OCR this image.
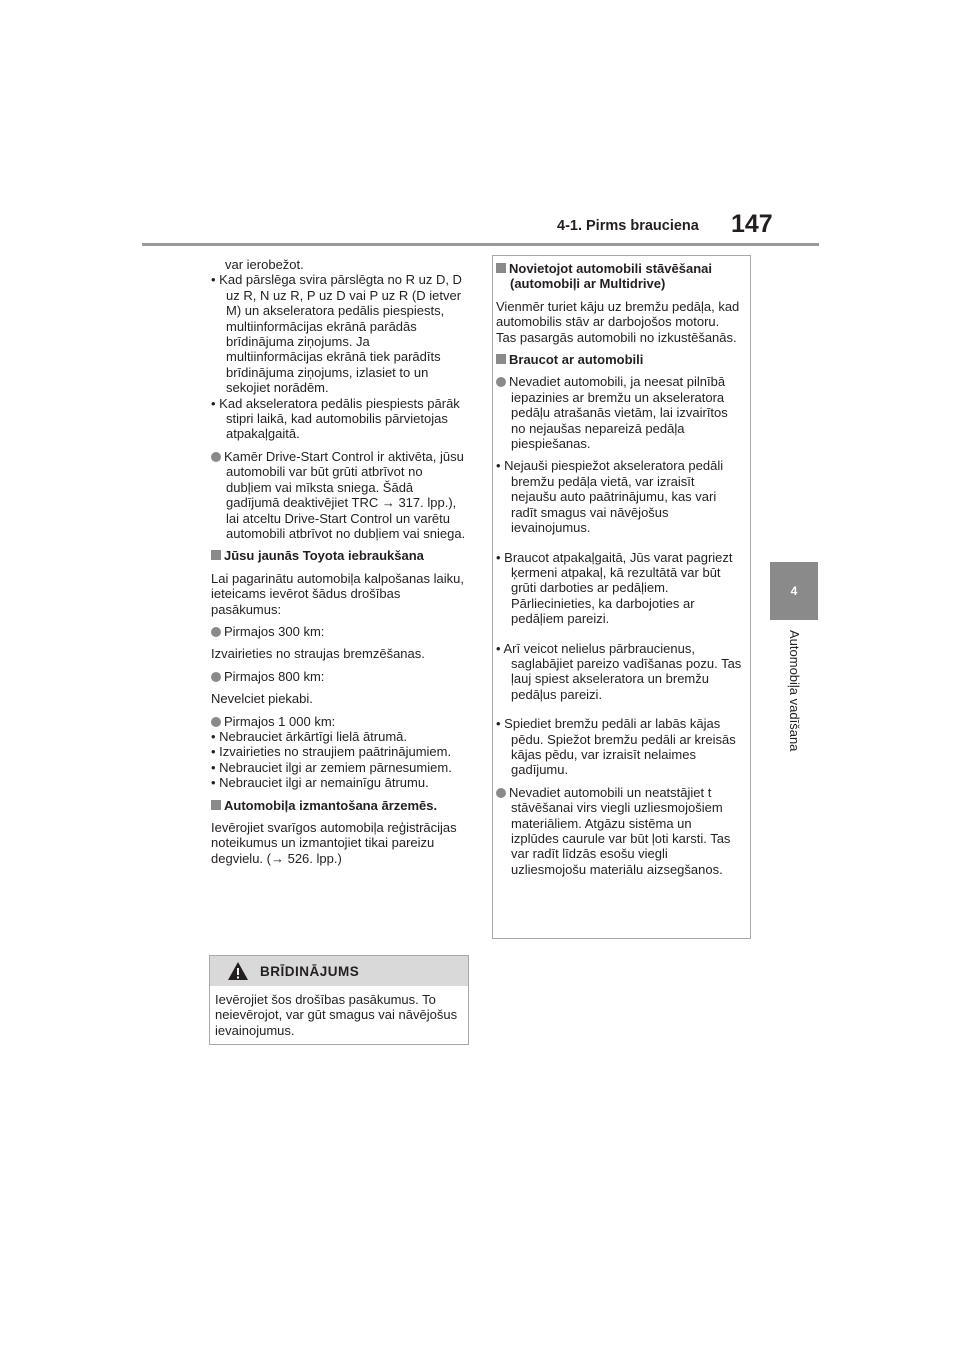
4-1. Pirms brauciena 147
4
Automobiļa vadīšana

var ierobežot.

• Kad pārslēga svira pārslēgta no R uz D, D uz R, N uz R, P uz D vai P uz R (D ietver M) un akseleratora pedālis piespiests, multiinformācijas ekrānā parādās brīdinājuma ziņojums. Ja multiinformācijas ekrānā tiek parādīts brīdinājuma ziņojums, izlasiet to un sekojiet norādēm.

• Kad akseleratora pedālis piespiests pārāk stipri laikā, kad automobilis pārvietojas atpakaļgaitā.

Kamēr Drive-Start Control ir aktivēta, jūsu automobili var būt grūti atbrīvot no dubļiem vai mīksta sniega. Šādā gadījumā deaktivējiet TRC → 317. lpp.), lai atceltu Drive-Start Control un varētu automobili atbrīvot no dubļiem vai sniega.

Jūsu jaunās Toyota iebraukšana

Lai pagarinātu automobiļa kalpošanas laiku, ieteicams ievērot šādus drošības pasākumus:

Pirmajos 300 km:

Izvairieties no straujas bremzēšanas.

Pirmajos 800 km:

Nevelciet piekabi.

Pirmajos 1 000 km:

• Nebrauciet ārkārtīgi lielā ātrumā.

• Izvairieties no straujiem paātrinājumiem.

• Nebrauciet ilgi ar zemiem pārnesumiem.

• Nebrauciet ilgi ar nemainīgu ātrumu.

Automobiļa izmantošana ārzemēs.

Ievērojiet svarīgos automobiļa reģistrācijas noteikumus un izmantojiet tikai pareizu degvielu. (→ 526. lpp.)

BRĪDINĀJUMS
Ievērojiet šos drošības pasākumus. To neievērojot, var gūt smagus vai nāvējošus ievainojumus.

Novietojot automobili stāvēšanai (automobiļi ar Multidrive)

Vienmēr turiet kāju uz bremžu pedāļa, kad automobilis stāv ar darbojošos motoru. Tas pasargās automobili no izkustēšanās.

Braucot ar automobili

Nevadiet automobili, ja neesat pilnībā iepazinies ar bremžu un akseleratora pedāļu atrašanās vietām, lai izvairītos no nejaušas nepareizā pedāļa piespiešanas.

• Nejauši piespiežot akseleratora pedāli bremžu pedāļa vietā, var izraisīt nejaušu auto paātrinājumu, kas vari radīt smagus vai nāvējošus ievainojumus.

• Braucot atpakaļgaitā, Jūs varat pagriezt ķermeni atpakaļ, kā rezultātā var būt grūti darboties ar pedāļiem. Pārliecinieties, ka darbojoties ar pedāļiem pareizi.

• Arī veicot nelielus pārbraucienus, saglabājiet pareizo vadīšanas pozu. Tas ļauj spiest akseleratora un bremžu pedāļus pareizi.

• Spiediet bremžu pedāli ar labās kājas pēdu. Spiežot bremžu pedāli ar kreisās kājas pēdu, var izraisīt nelaimes gadījumu.

Nevadiet automobili un neatstājiet t stāvēšanai virs viegli uzliesmojošiem materiāliem. Atgāzu sistēma un izplūdes caurule var būt ļoti karsti. Tas var radīt līdzās esošu viegli uzliesmojošu materiālu aizsegšanos.
